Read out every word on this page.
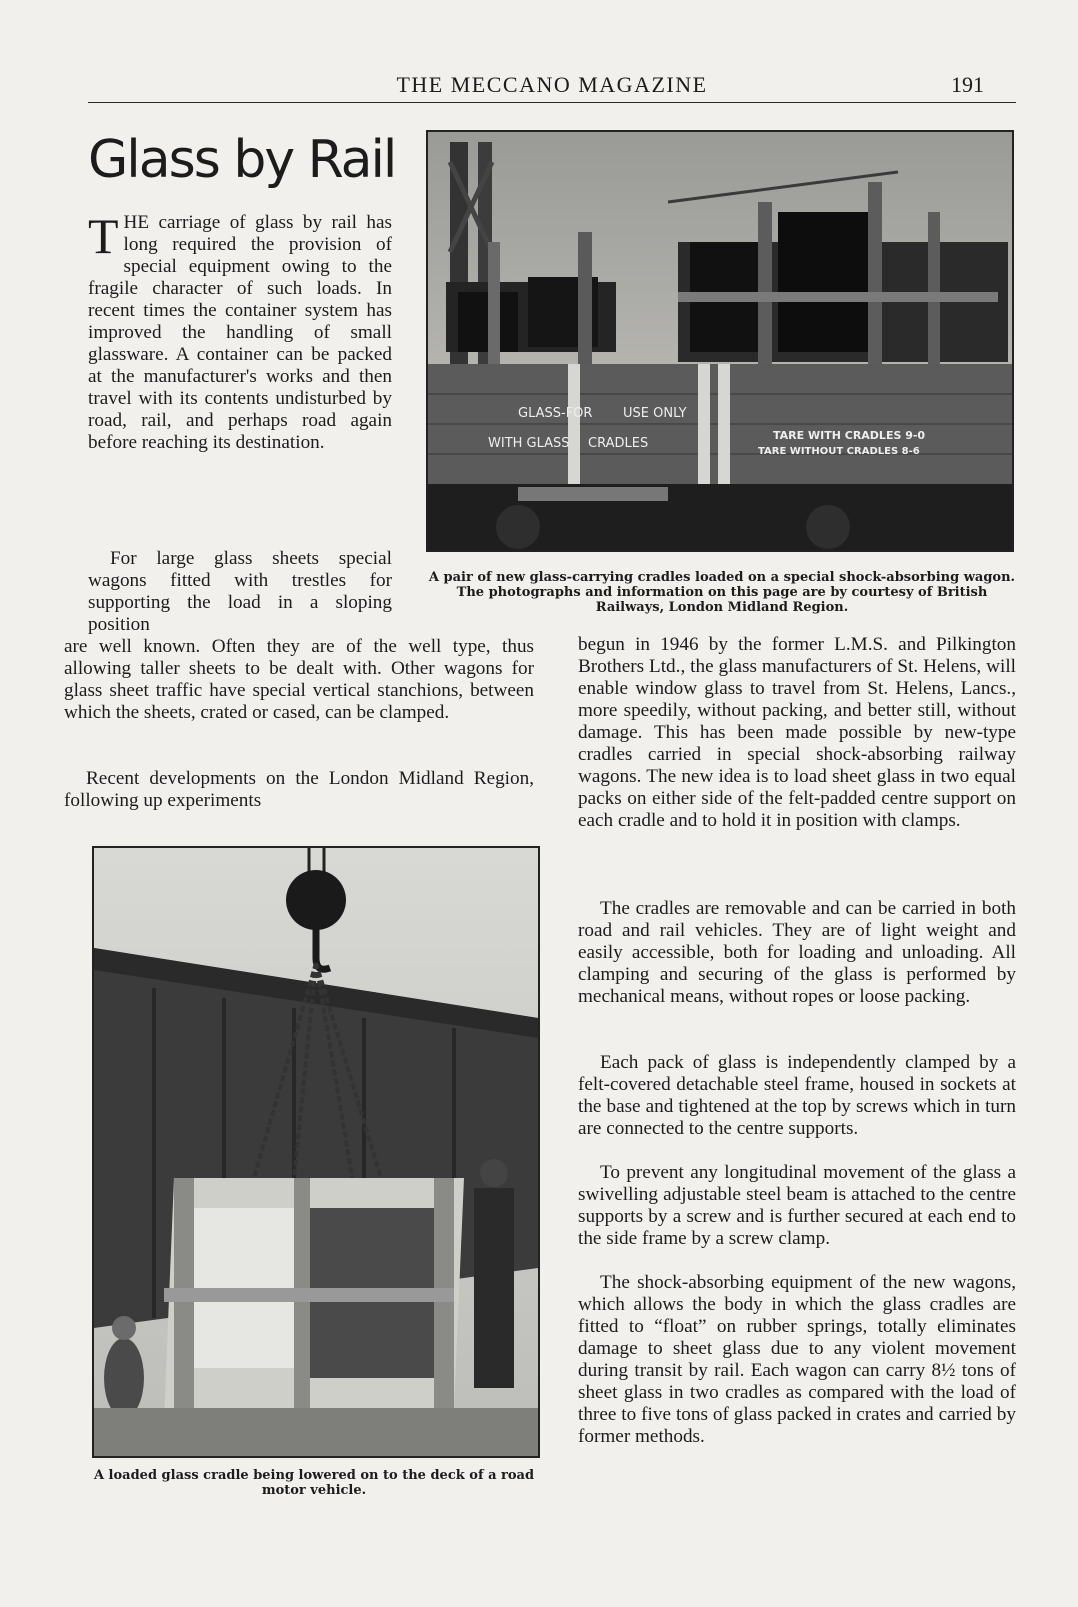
THE MECCANO MAGAZINE	191
Glass by Rail

THE carriage of glass by rail has long required the provision of special equipment owing to the fragile character of such loads. In recent times the container system has improved the handling of small glassware. A container can be packed at the manufacturer's works and then travel with its contents undisturbed by road, rail, and perhaps road again before reaching its destination.

For large glass sheets special wagons fitted with trestles for supporting the load in a sloping position

are well known. Often they are of the well type, thus allowing taller sheets to be dealt with. Other wagons for glass sheet traffic have special vertical stanchions, between which the sheets, crated or cased, can be clamped.

Recent developments on the London Midland Region, following up experiments

begun in 1946 by the former L.M.S. and Pilkington Brothers Ltd., the glass manufacturers of St. Helens, will enable window glass to travel from St. Helens, Lancs., more speedily, without packing, and better still, without damage. This has been made possible by new-type cradles carried in special shock-absorbing railway wagons. The new idea is to load sheet glass in two equal packs on either side of the felt-padded centre support on each cradle and to hold it in position with clamps.

The cradles are removable and can be carried in both road and rail vehicles. They are of light weight and easily accessible, both for loading and unloading. All clamping and securing of the glass is performed by mechanical means, without ropes or loose packing.

Each pack of glass is independently clamped by a felt-covered detachable steel frame, housed in sockets at the base and tightened at the top by screws which in turn are connected to the centre supports.

To prevent any longitudinal movement of the glass a swivelling adjustable steel beam is attached to the centre supports by a screw and is further secured at each end to the side frame by a screw clamp.

The shock-absorbing equipment of the new wagons, which allows the body in which the glass cradles are fitted to “float” on rubber springs, totally eliminates damage to sheet glass due to any violent movement during transit by rail. Each wagon can carry 8½ tons of sheet glass in two cradles as compared with the load of three to five tons of glass packed in crates and carried by former methods.

GLASS-FOR USE ONLY
WITH GLASS CRADLES
TARE WITH CRADLES 9-0
TARE WITHOUT CRADLES 8-6
A pair of new glass-carrying cradles loaded on a special shock-absorbing wagon. The photographs and information on this page are by courtesy of British Railways, London Midland Region.
A loaded glass cradle being lowered on to the deck of a road motor vehicle.
